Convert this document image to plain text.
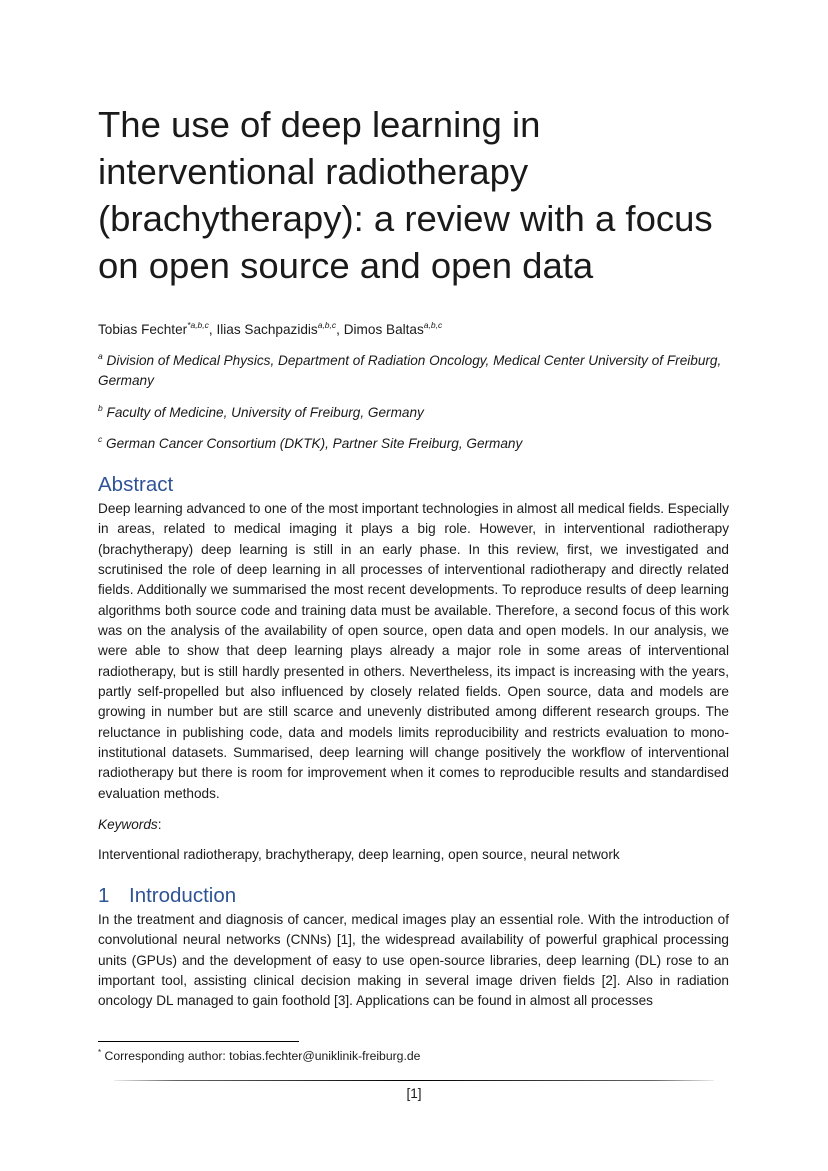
The use of deep learning in interventional radiotherapy (brachytherapy): a review with a focus on open source and open data

Tobias Fechter$^{*a,b,c}$, Ilias Sachpazidis$^{a,b,c}$, Dimos Baltas$^{a,b,c}$

$^a$ Division of Medical Physics, Department of Radiation Oncology, Medical Center University of Freiburg, Germany

$^b$ Faculty of Medicine, University of Freiburg, Germany

$^c$ German Cancer Consortium (DKTK), Partner Site Freiburg, Germany

Abstract

Deep learning advanced to one of the most important technologies in almost all medical fields. Especially in areas, related to medical imaging it plays a big role. However, in interventional radiotherapy (brachytherapy) deep learning is still in an early phase. In this review, first, we investigated and scrutinised the role of deep learning in all processes of interventional radiotherapy and directly related fields. Additionally we summarised the most recent developments. To reproduce results of deep learning algorithms both source code and training data must be available. Therefore, a second focus of this work was on the analysis of the availability of open source, open data and open models. In our analysis, we were able to show that deep learning plays already a major role in some areas of interventional radiotherapy, but is still hardly presented in others. Nevertheless, its impact is increasing with the years, partly self-propelled but also influenced by closely related fields. Open source, data and models are growing in number but are still scarce and unevenly distributed among different research groups. The reluctance in publishing code, data and models limits reproducibility and restricts evaluation to mono-institutional datasets. Summarised, deep learning will change positively the workflow of interventional radiotherapy but there is room for improvement when it comes to reproducible results and standardised evaluation methods.

Keywords:

Interventional radiotherapy, brachytherapy, deep learning, open source, neural network

1 Introduction

In the treatment and diagnosis of cancer, medical images play an essential role. With the introduction of convolutional neural networks (CNNs) [1], the widespread availability of powerful graphical processing units (GPUs) and the development of easy to use open-source libraries, deep learning (DL) rose to an important tool, assisting clinical decision making in several image driven fields [2]. Also in radiation oncology DL managed to gain foothold [3]. Applications can be found in almost all processes

* Corresponding author: tobias.fechter@uniklinik-freiburg.de

[1]
